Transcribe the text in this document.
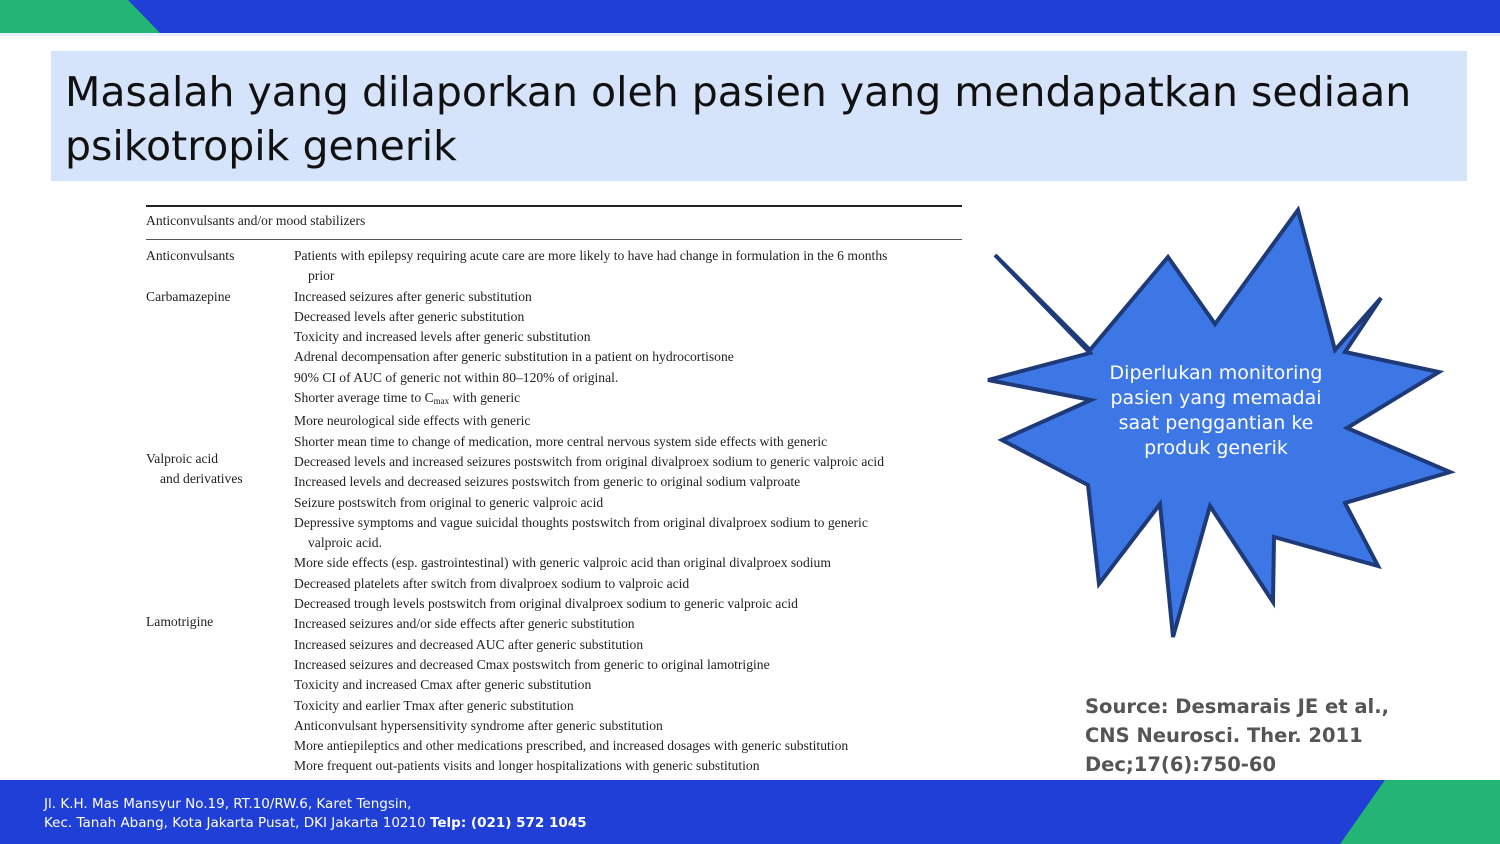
Masalah yang dilaporkan oleh pasien yang mendapatkan sediaan psikotropik generik
Anticonvulsants and/or mood stabilizers
Anticonvulsants
Carbamazepine
Valproic acid
and derivatives
Lamotrigine
Patients with epilepsy requiring acute care are more likely to have had change in formulation in the 6 months
prior
Increased seizures after generic substitution
Decreased levels after generic substitution
Toxicity and increased levels after generic substitution
Adrenal decompensation after generic substitution in a patient on hydrocortisone
90% CI of AUC of generic not within 80–120% of original.
Shorter average time to $C_{max}$ with generic
More neurological side effects with generic
Shorter mean time to change of medication, more central nervous system side effects with generic
Decreased levels and increased seizures postswitch from original divalproex sodium to generic valproic acid
Increased levels and decreased seizures postswitch from generic to original sodium valproate
Seizure postswitch from original to generic valproic acid
Depressive symptoms and vague suicidal thoughts postswitch from original divalproex sodium to generic
valproic acid.
More side effects (esp. gastrointestinal) with generic valproic acid than original divalproex sodium
Decreased platelets after switch from divalproex sodium to valproic acid
Decreased trough levels postswitch from original divalproex sodium to generic valproic acid
Increased seizures and/or side effects after generic substitution
Increased seizures and decreased AUC after generic substitution
Increased seizures and decreased Cmax postswitch from generic to original lamotrigine
Toxicity and increased Cmax after generic substitution
Toxicity and earlier Tmax after generic substitution
Anticonvulsant hypersensitivity syndrome after generic substitution
More antiepileptics and other medications prescribed, and increased dosages with generic substitution
More frequent out-patients visits and longer hospitalizations with generic substitution
Diperlukan monitoring pasien yang memadai saat penggantian ke produk generik
Source: Desmarais JE et al., CNS Neurosci. Ther. 2011 Dec;17(6):750-60
Jl. K.H. Mas Mansyur No.19, RT.10/RW.6, Karet Tengsin,
Kec. Tanah Abang, Kota Jakarta Pusat, DKI Jakarta 10210 Telp: (021) 572 1045
